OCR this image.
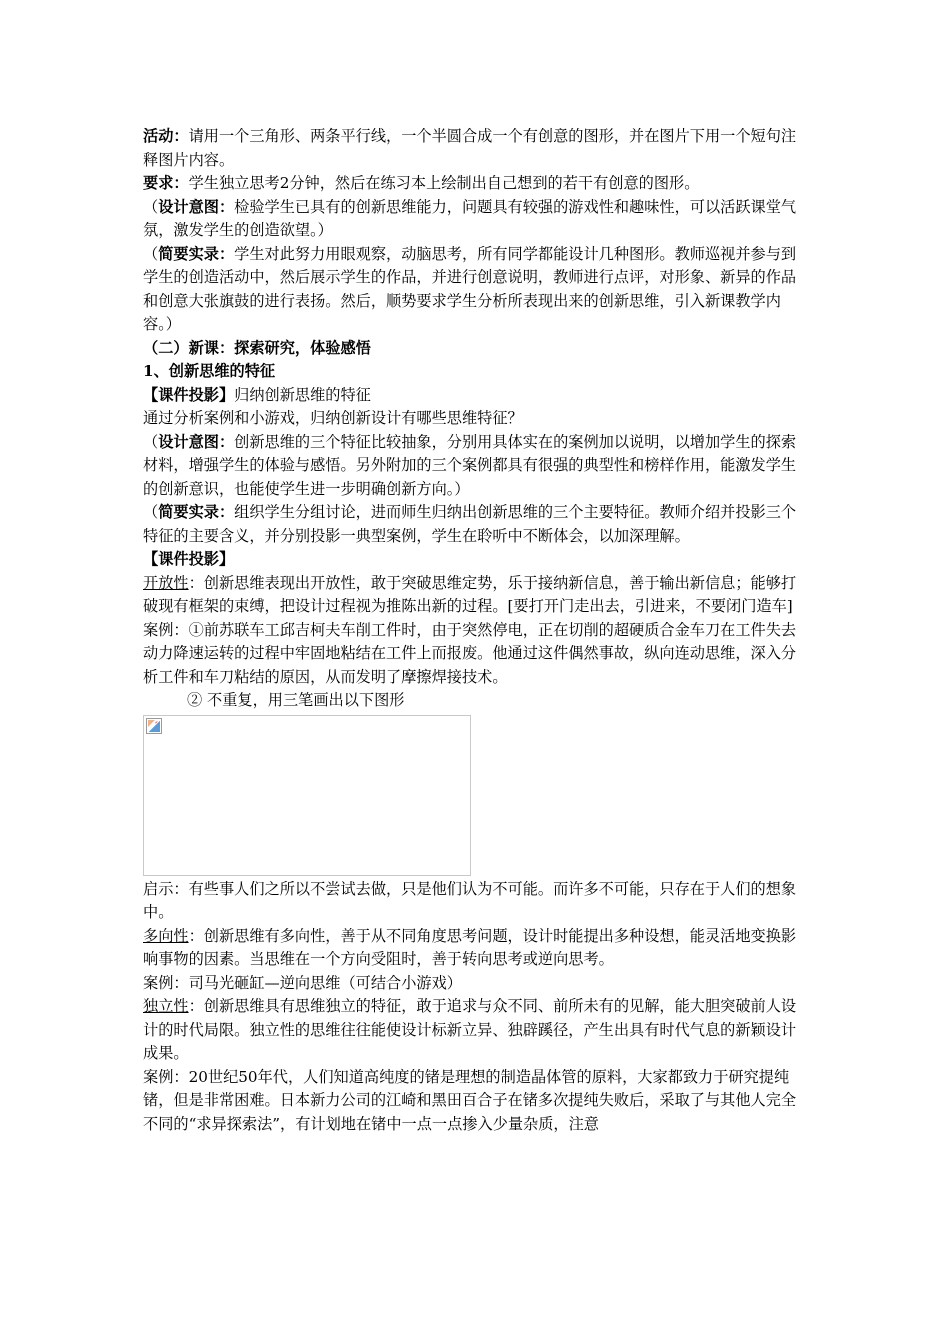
活动：请用一个三角形、两条平行线，一个半圆合成一个有创意的图形，并在图片下用一个短句注释图片内容。

要求：学生独立思考2分钟，然后在练习本上绘制出自己想到的若干有创意的图形。

（设计意图：检验学生已具有的创新思维能力，问题具有较强的游戏性和趣味性，可以活跃课堂气氛，激发学生的创造欲望。）

（简要实录：学生对此努力用眼观察，动脑思考，所有同学都能设计几种图形。教师巡视并参与到学生的创造活动中，然后展示学生的作品，并进行创意说明，教师进行点评，对形象、新异的作品和创意大张旗鼓的进行表扬。然后，顺势要求学生分析所表现出来的创新思维，引入新课教学内容。）

（二）新课：探索研究，体验感悟

1、创新思维的特征

【课件投影】归纳创新思维的特征

通过分析案例和小游戏，归纳创新设计有哪些思维特征？

（设计意图：创新思维的三个特征比较抽象，分别用具体实在的案例加以说明，以增加学生的探索材料，增强学生的体验与感悟。另外附加的三个案例都具有很强的典型性和榜样作用，能激发学生的创新意识，也能使学生进一步明确创新方向。）

（简要实录：组织学生分组讨论，进而师生归纳出创新思维的三个主要特征。教师介绍并投影三个特征的主要含义，并分别投影一典型案例，学生在聆听中不断体会，以加深理解。

【课件投影】

开放性：创新思维表现出开放性，敢于突破思维定势，乐于接纳新信息，善于输出新信息；能够打破现有框架的束缚，把设计过程视为推陈出新的过程。[要打开门走出去，引进来，不要闭门造车]

案例：①前苏联车工邱吉柯夫车削工件时，由于突然停电，正在切削的超硬质合金车刀在工件失去动力降速运转的过程中牢固地粘结在工件上而报废。他通过这件偶然事故，纵向连动思维，深入分析工件和车刀粘结的原因，从而发明了摩擦焊接技术。

② 不重复，用三笔画出以下图形

启示：有些事人们之所以不尝试去做，只是他们认为不可能。而许多不可能，只存在于人们的想象中。

多向性：创新思维有多向性，善于从不同角度思考问题，设计时能提出多种设想，能灵活地变换影响事物的因素。当思维在一个方向受阻时，善于转向思考或逆向思考。

案例：司马光砸缸—逆向思维（可结合小游戏）

独立性：创新思维具有思维独立的特征，敢于追求与众不同、前所未有的见解，能大胆突破前人设计的时代局限。独立性的思维往往能使设计标新立异、独辟蹊径，产生出具有时代气息的新颖设计成果。

案例：20世纪50年代，人们知道高纯度的锗是理想的制造晶体管的原料，大家都致力于研究提纯锗，但是非常困难。日本新力公司的江崎和黑田百合子在锗多次提纯失败后，采取了与其他人完全不同的“求异探索法”，有计划地在锗中一点一点掺入少量杂质，注意
